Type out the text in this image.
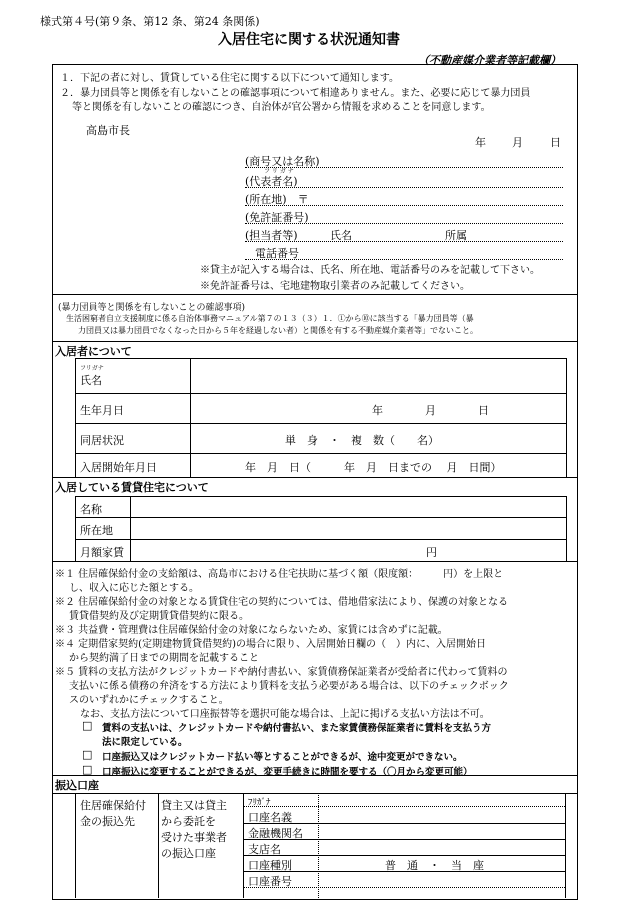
様式第４号(第９条、第12 条、第24 条関係)
入居住宅に関する状況通知書
（不動産媒介業者等記載欄）
１．下記の者に対し、賃貸している住宅に関する以下について通知します。
２．暴力団員等と関係を有しないことの確認事項について相違ありません。また、必要に応じて暴力団員
等と関係を有しないことの確認につき、自治体が官公署から情報を求めることを同意します。
高島市長
年 月 日
(商号又は名称)
フ リ ガ ナ
(代表者名)
(所在地)　〒
(免許証番号)
(担当者等)	氏名	所属
電話番号
※貸主が記入する場合は、氏名、所在地、電話番号のみを記載して下さい。
※免許証番号は、宅地建物取引業者のみ記載してください。
(暴力団員等と関係を有しないことの確認事項)
生活困窮者自立支援制度に係る自治体事務マニュアル第７の１３（３）１．①から⑩に該当する「暴力団員等（暴
力団員又は暴力団員でなくなった日から５年を経過しない者）と関係を有する不動産媒介業者等」でないこと。
入居者について
フリガナ
氏名
生年月日	年	月	日
同居状況	単　身　・　複　数（　　名）
入居開始年月日	年　月　日（　　　年　月　日までの　 月　日間）
入居している賃貸住宅について
名称
所在地
月額家賃	円
※１ 住居確保給付金の支給額は、高島市における住宅扶助に基づく額（限度額：　　　円）を上限と
し、収入に応じた額とする。
※２ 住居確保給付金の対象となる賃貸住宅の契約については、借地借家法により、保護の対象となる
賃貸借契約及び定期賃貸借契約に限る。
※３ 共益費・管理費は住居確保給付金の対象にならないため、家賃には含めずに記載。
※４ 定期借家契約(定期建物賃貸借契約)の場合に限り、入居開始日欄の（　）内に、入居開始日
から契約満了日までの期間を記載すること
※５ 賃料の支払方法がクレジットカードや納付書払い、家賃債務保証業者が受給者に代わって賃料の
支払いに係る債務の弁済をする方法により賃料を支払う必要がある場合は、以下のチェックボック
スのいずれかにチェックすること。
なお、支払方法について口座振替等を選択可能な場合は、上記に掲げる支払い方法は不可。
□ 賃料の支払いは、クレジットカードや納付書払い、また家賃債務保証業者に賃料を支払う方
法に限定している。
□ 口座振込又はクレジットカード払い等とすることができるが、途中変更ができない。
□ 口座振込に変更することができるが、変更手続きに時間を要する（〇月から変更可能）
振込口座
住居確保給付
金の振込先
貸主又は貸主
から委託を
受けた事業者
の振込口座
ﾌﾘｶﾞﾅ
口座名義
金融機関名
支店名
口座種別	普　通　・　当　座
口座番号
